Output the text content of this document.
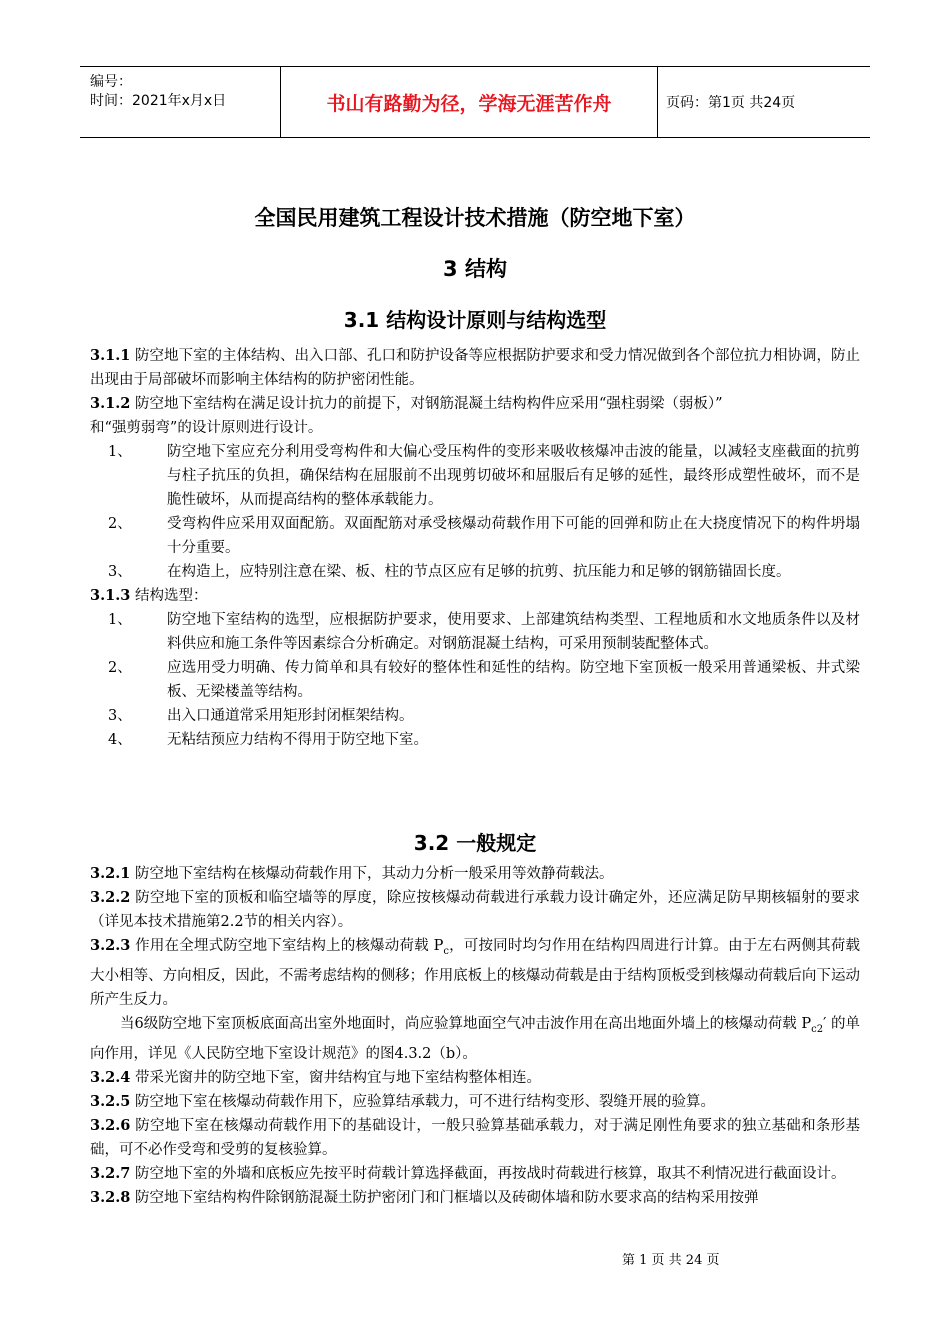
编号：
时间：2021年x月x日	书山有路勤为径，学海无涯苦作舟	页码：第1页 共24页
全国民用建筑工程设计技术措施（防空地下室）
3 结构
3.1 结构设计原则与结构选型
3.1.1 防空地下室的主体结构、出入口部、孔口和防护设备等应根据防护要求和受力情况做到各个部位抗力相协调，防止出现由于局部破坏而影响主体结构的防护密闭性能。
3.1.2 防空地下室结构在满足设计抗力的前提下，对钢筋混凝土结构构件应采用“强柱弱梁（弱板）”
和“强剪弱弯”的设计原则进行设计。
1、	防空地下室应充分利用受弯构件和大偏心受压构件的变形来吸收核爆冲击波的能量，以减轻支座截面的抗剪与柱子抗压的负担，确保结构在屈服前不出现剪切破坏和屈服后有足够的延性，最终形成塑性破坏，而不是脆性破坏，从而提高结构的整体承载能力。
2、	受弯构件应采用双面配筋。双面配筋对承受核爆动荷载作用下可能的回弹和防止在大挠度情况下的构件坍塌十分重要。
3、	在构造上，应特别注意在梁、板、柱的节点区应有足够的抗剪、抗压能力和足够的钢筋锚固长度。
3.1.3 结构选型：
1、	防空地下室结构的选型，应根据防护要求，使用要求、上部建筑结构类型、工程地质和水文地质条件以及材料供应和施工条件等因素综合分析确定。对钢筋混凝土结构，可采用预制装配整体式。
2、	应选用受力明确、传力简单和具有较好的整体性和延性的结构。防空地下室顶板一般采用普通梁板、井式梁板、无梁楼盖等结构。
3、	出入口通道常采用矩形封闭框架结构。
4、	无粘结预应力结构不得用于防空地下室。
3.2 一般规定
3.2.1 防空地下室结构在核爆动荷载作用下，其动力分析一般采用等效静荷载法。
3.2.2 防空地下室的顶板和临空墙等的厚度，除应按核爆动荷载进行承载力设计确定外，还应满足防早期核辐射的要求（详见本技术措施第2.2节的相关内容）。
3.2.3 作用在全埋式防空地下室结构上的核爆动荷载 $P_c$，可按同时均匀作用在结构四周进行计算。由于左右两侧其荷载大小相等、方向相反，因此，不需考虑结构的侧移；作用底板上的核爆动荷载是由于结构顶板受到核爆动荷载后向下运动所产生反力。
当6级防空地下室顶板底面高出室外地面时，尚应验算地面空气冲击波作用在高出地面外墙上的核爆动荷载 $P_{c2}'$ 的单向作用，详见《人民防空地下室设计规范》的图4.3.2（b）。
3.2.4 带采光窗井的防空地下室，窗井结构宜与地下室结构整体相连。
3.2.5 防空地下室在核爆动荷载作用下，应验算结承载力，可不进行结构变形、裂缝开展的验算。
3.2.6 防空地下室在核爆动荷载作用下的基础设计，一般只验算基础承载力，对于满足刚性角要求的独立基础和条形基础，可不必作受弯和受剪的复核验算。
3.2.7 防空地下室的外墙和底板应先按平时荷载计算选择截面，再按战时荷载进行核算，取其不利情况进行截面设计。
3.2.8 防空地下室结构构件除钢筋混凝土防护密闭门和门框墙以及砖砌体墙和防水要求高的结构采用按弹
第 1 页 共 24 页
